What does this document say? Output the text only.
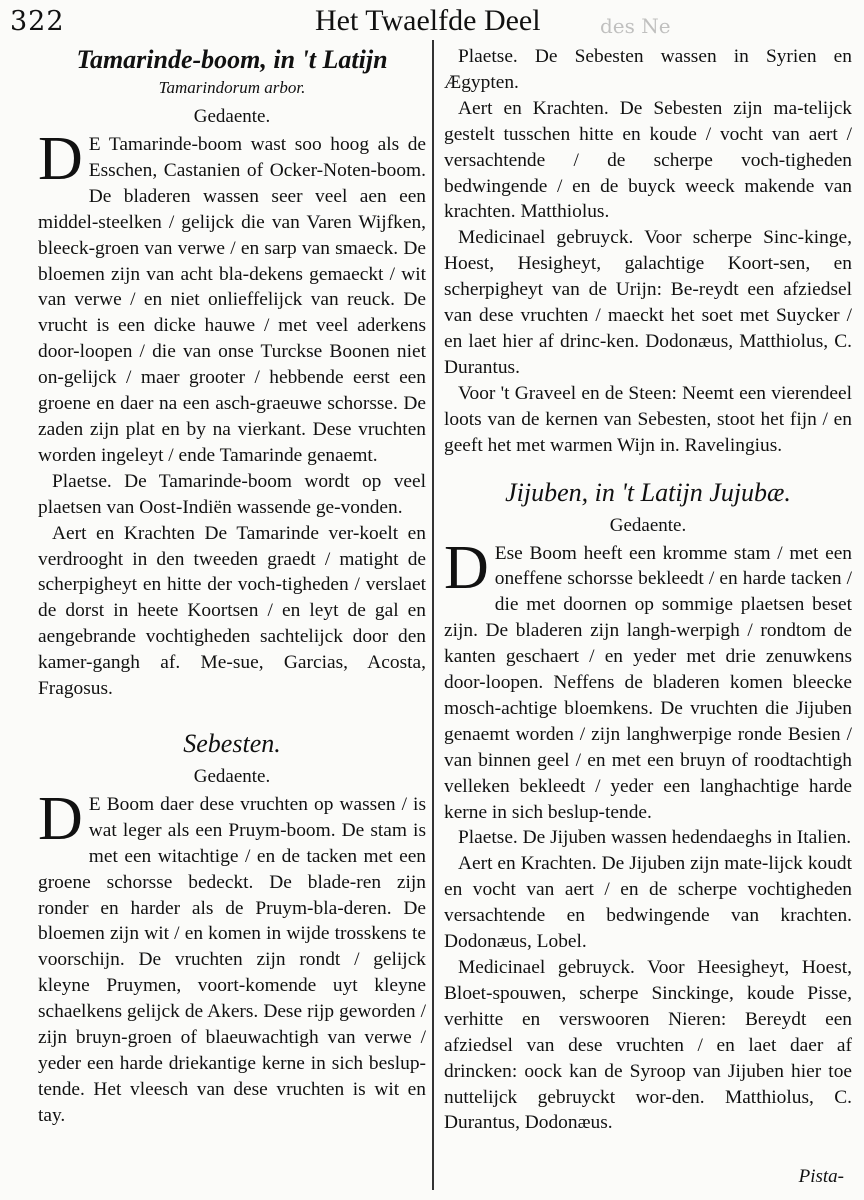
322	Het Twaelfde Deel	des Ne
Tamarinde-boom, in 't Latijn
Tamarindorum arbor.
Gedaente.

D E Tamarinde-boom wast soo hoog als de Esschen, Castanien of Ocker-Noten-boom. De bladeren wassen seer veel aen een middel-steelken / gelijck die van Varen Wijfken, bleeck-groen van verwe / en sarp van smaeck. De bloemen zijn van acht bla-dekens gemaeckt / wit van verwe / en niet onlieffelijck van reuck. De vrucht is een dicke hauwe / met veel aderkens door-loopen / die van onse Turckse Boonen niet on-gelijck / maer grooter / hebbende eerst een groene en daer na een asch-graeuwe schorsse. De zaden zijn plat en by na vierkant. Dese vruchten worden ingeleyt / ende Tamarinde genaemt.

Plaetse. De Tamarinde-boom wordt op veel plaetsen van Oost-Indiën wassende ge-vonden.

Aert en Krachten De Tamarinde ver-koelt en verdrooght in den tweeden graedt / matight de scherpigheyt en hitte der voch-tigheden / verslaet de dorst in heete Koortsen / en leyt de gal en aengebrande vochtigheden sachtelijck door den kamer-gangh af. Me-sue, Garcias, Acosta, Fragosus.

Sebesten.
Gedaente.

D E Boom daer dese vruchten op wassen / is wat leger als een Pruym-boom. De stam is met een witachtige / en de tacken met een groene schorsse bedeckt. De blade-ren zijn ronder en harder als de Pruym-bla-deren. De bloemen zijn wit / en komen in wijde trosskens te voorschijn. De vruchten zijn rondt / gelijck kleyne Pruymen, voort-komende uyt kleyne schaelkens gelijck de Akers. Dese rijp geworden / zijn bruyn-groen of blaeuwachtigh van verwe / yeder een harde driekantige kerne in sich beslup-tende. Het vleesch van dese vruchten is wit en tay.

Plaetse. De Sebesten wassen in Syrien en Ægypten.

Aert en Krachten. De Sebesten zijn ma-telijck gestelt tusschen hitte en koude / vocht van aert / versachtende / de scherpe voch-tigheden bedwingende / en de buyck weeck makende van krachten. Matthiolus.

Medicinael gebruyck. Voor scherpe Sinc-kinge, Hoest, Hesigheyt, galachtige Koort-sen, en scherpigheyt van de Urijn: Be-reydt een afziedsel van dese vruchten / maeckt het soet met Suycker / en laet hier af drinc-ken. Dodonæus, Matthiolus, C. Durantus.

Voor 't Graveel en de Steen: Neemt een vierendeel loots van de kernen van Sebesten, stoot het fijn / en geeft het met warmen Wijn in. Ravelingius.

Jijuben, in 't Latijn Jujubæ.
Gedaente.

D Ese Boom heeft een kromme stam / met een oneffene schorsse bekleedt / en harde tacken / die met doornen op sommige plaetsen beset zijn. De bladeren zijn langh-werpigh / rondtom de kanten geschaert / en yeder met drie zenuwkens door-loopen. Neffens de bladeren komen bleecke mosch-achtige bloemkens. De vruchten die Jijuben genaemt worden / zijn langhwerpige ronde Besien / van binnen geel / en met een bruyn of roodtachtigh velleken bekleedt / yeder een langhachtige harde kerne in sich beslup-tende.

Plaetse. De Jijuben wassen hedendaeghs in Italien.

Aert en Krachten. De Jijuben zijn mate-lijck koudt en vocht van aert / en de scherpe vochtigheden versachtende en bedwingende van krachten. Dodonæus, Lobel.

Medicinael gebruyck. Voor Heesigheyt, Hoest, Bloet-spouwen, scherpe Sinckinge, koude Pisse, verhitte en verswooren Nieren: Bereydt een afziedsel van dese vruchten / en laet daer af drincken: oock kan de Syroop van Jijuben hier toe nuttelijck gebruyckt wor-den. Matthiolus, C. Durantus, Dodonæus.

Pista-
